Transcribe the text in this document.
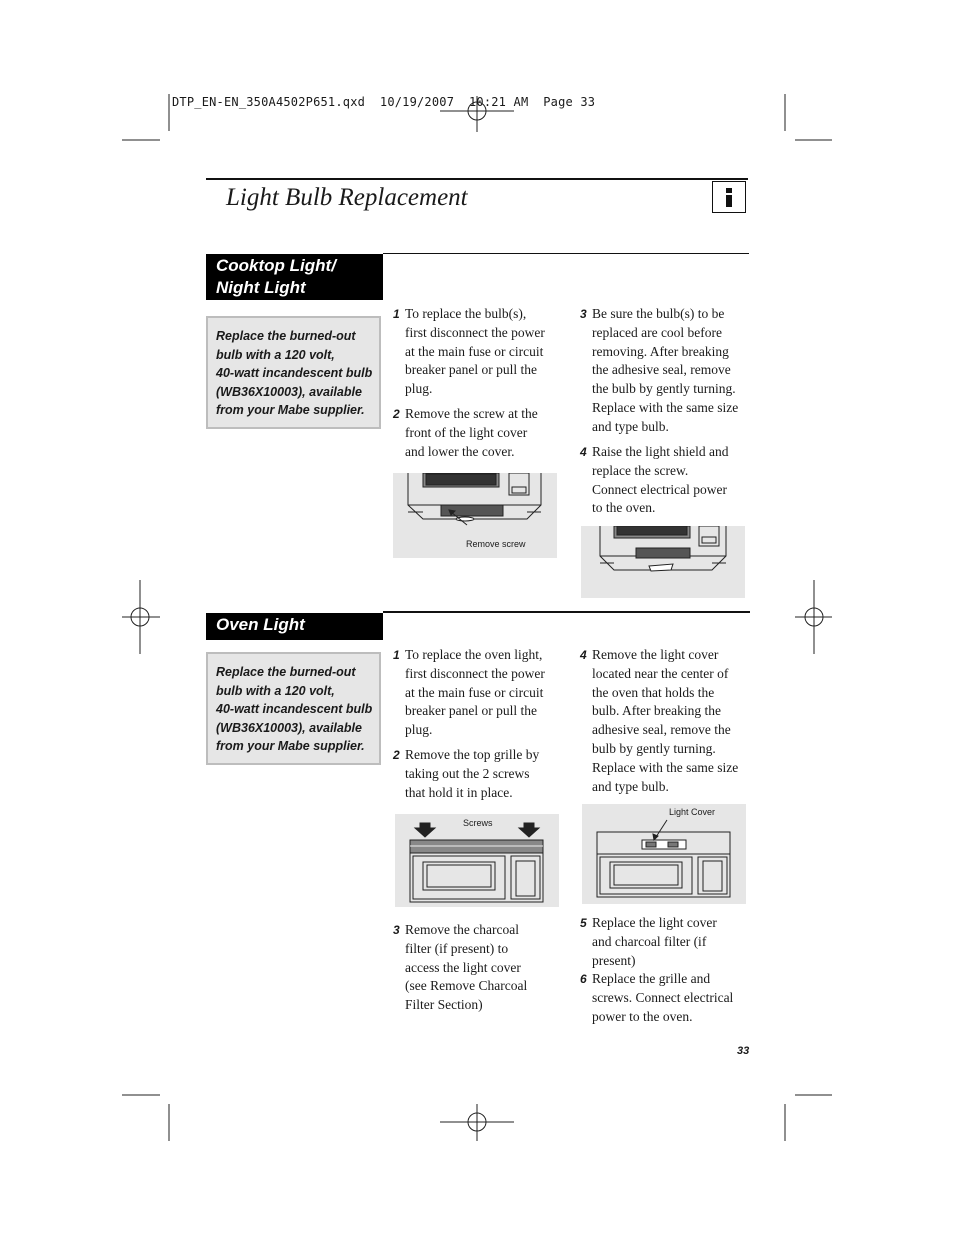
DTP_EN-EN_350A4502P651.qxd  10/19/2007  10:21 AM  Page 33
Light Bulb Replacement
Cooktop Light/
Night Light
Replace the burned-out
bulb with a 120 volt,
40-watt incandescent bulb
(WB36X10003), available
from your Mabe supplier.
1 To replace the bulb(s),
first disconnect the power
at the main fuse or circuit
breaker panel or pull the
plug.
2 Remove the screw at the
front of the light cover
and lower the cover.
3 Be sure the bulb(s) to be
replaced are cool before
removing. After breaking
the adhesive seal, remove
the bulb by gently turning.
Replace with the same size
and type bulb.
4 Raise the light shield and
replace the screw.
Connect electrical power
to the oven.
Remove screw
Oven Light
Replace the burned-out
bulb with a 120 volt,
40-watt incandescent bulb
(WB36X10003), available
from your Mabe supplier.
1 To replace the oven light,
first disconnect the power
at the main fuse or circuit
breaker panel or pull the
plug.
2 Remove the top grille by
taking out the 2 screws
that hold it in place.
3 Remove the charcoal
filter (if present) to
access the light cover
(see Remove Charcoal
Filter Section)
4 Remove the light cover
located near the center of
the oven that holds the
bulb. After breaking the
adhesive seal, remove the
bulb by gently turning.
Replace with the same size
and type bulb.
5 Replace the light cover
and charcoal filter (if
present)
6 Replace the grille and
screws. Connect electrical
power to the oven.
Screws
Light Cover
33
